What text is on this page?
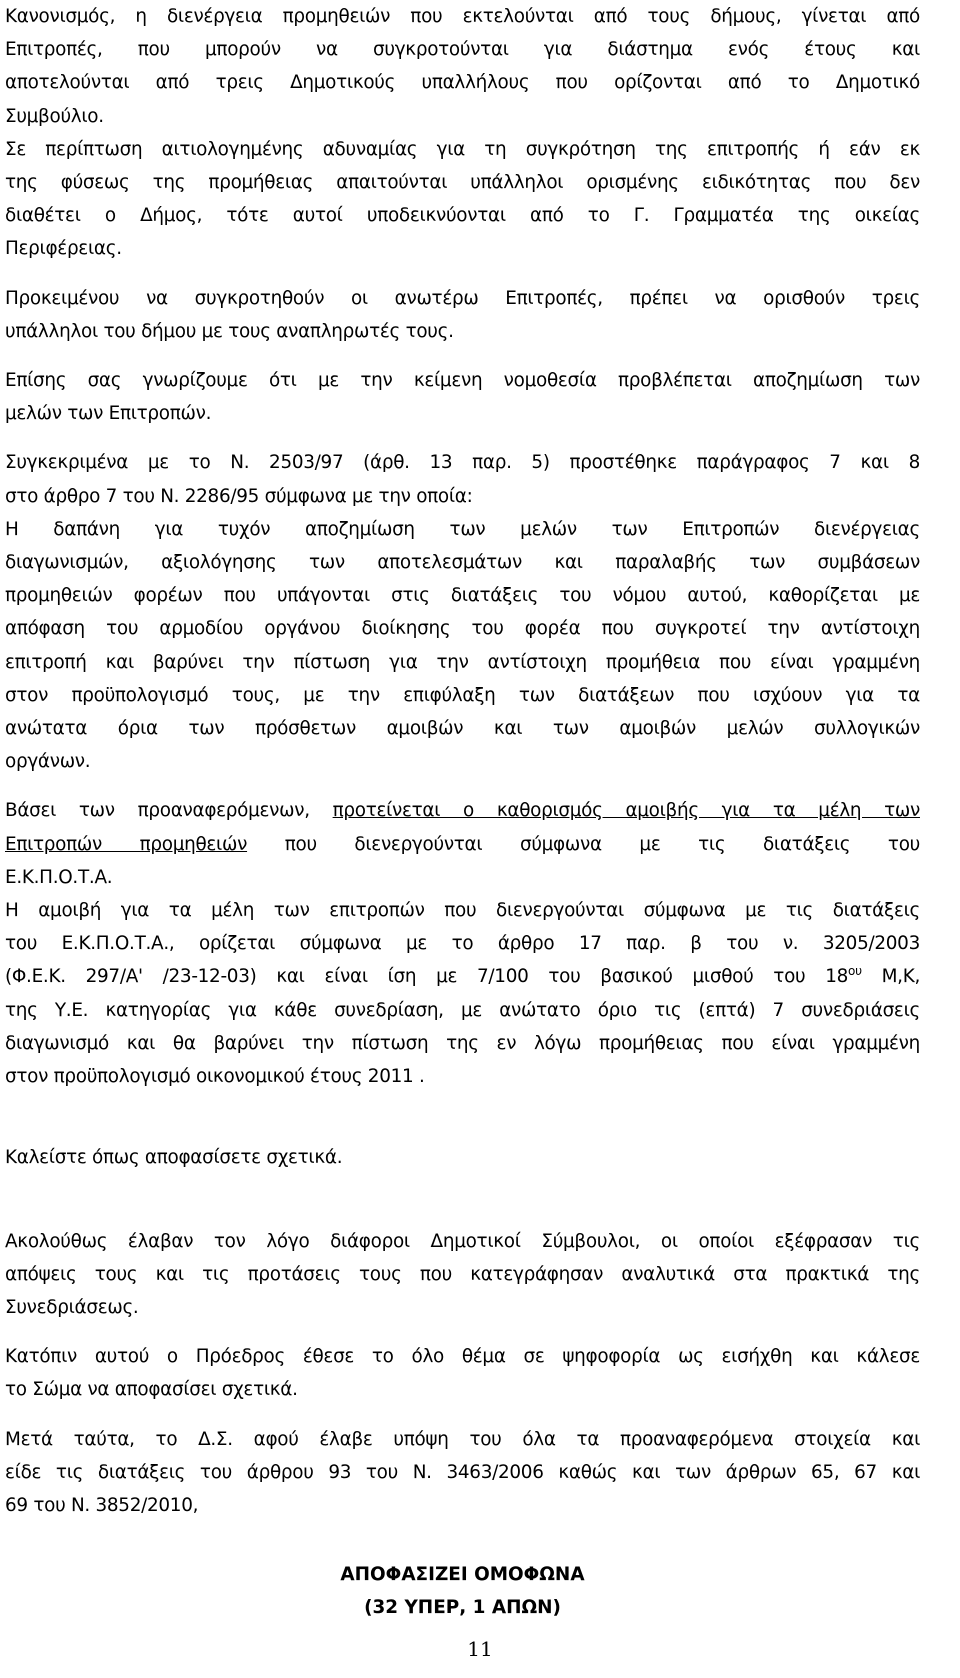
Κανονισμός, η διενέργεια προμηθειών που εκτελούνται από τους δήμους, γίνεται από
Επιτροπές, που μπορούν να συγκροτούνται για διάστημα ενός έτους και
αποτελούνται από τρεις Δημοτικούς υπαλλήλους που ορίζονται από το Δημοτικό
Συμβούλιο.

Σε περίπτωση αιτιολογημένης αδυναμίας για τη συγκρότηση της επιτροπής ή εάν εκ
της φύσεως της προμήθειας απαιτούνται υπάλληλοι ορισμένης ειδικότητας που δεν
διαθέτει ο Δήμος, τότε αυτοί υποδεικνύονται από το Γ. Γραμματέα της οικείας
Περιφέρειας.

Προκειμένου να συγκροτηθούν οι ανωτέρω Επιτροπές, πρέπει να ορισθούν τρεις
υπάλληλοι του δήμου με τους αναπληρωτές τους.

Επίσης σας γνωρίζουμε ότι με την κείμενη νομοθεσία προβλέπεται αποζημίωση των
μελών των Επιτροπών.

Συγκεκριμένα με το Ν. 2503/97 (άρθ. 13 παρ. 5) προστέθηκε παράγραφος 7 και 8
στο άρθρο 7 του Ν. 2286/95 σύμφωνα με την οποία:
Η δαπάνη για τυχόν αποζημίωση των μελών των Επιτροπών διενέργειας
διαγωνισμών, αξιολόγησης των αποτελεσμάτων και παραλαβής των συμβάσεων
προμηθειών φορέων που υπάγονται στις διατάξεις του νόμου αυτού, καθορίζεται με
απόφαση του αρμοδίου οργάνου διοίκησης του φορέα που συγκροτεί την αντίστοιχη
επιτροπή και βαρύνει την πίστωση για την αντίστοιχη προμήθεια που είναι γραμμένη
στον προϋπολογισμό τους, με την επιφύλαξη των διατάξεων που ισχύουν για τα
ανώτατα όρια των πρόσθετων αμοιβών και των αμοιβών μελών συλλογικών
οργάνων.

Βάσει των προαναφερόμενων, προτείνεται ο καθορισμός αμοιβής για τα μέλη των
Επιτροπών προμηθειών που διενεργούνται σύμφωνα με τις διατάξεις του
Ε.Κ.Π.Ο.Τ.Α.
Η αμοιβή για τα μέλη των επιτροπών που διενεργούνται σύμφωνα με τις διατάξεις
του Ε.Κ.Π.Ο.Τ.Α., ορίζεται σύμφωνα με το άρθρο 17 παρ. β του ν. 3205/2003
(Φ.Ε.Κ. 297/Α' /23-12-03) και είναι ίση με 7/100 του βασικού μισθού του $18^{o\upsilon}$ Μ,Κ,
της Υ.Ε. κατηγορίας για κάθε συνεδρίαση, με ανώτατο όριο τις (επτά) 7 συνεδριάσεις
διαγωνισμό και θα βαρύνει την πίστωση της εν λόγω προμήθειας που είναι γραμμένη
στον προϋπολογισμό οικονομικού έτους 2011 .

Καλείστε όπως αποφασίσετε σχετικά.

Ακολούθως έλαβαν τον λόγο διάφοροι Δημοτικοί Σύμβουλοι, οι οποίοι εξέφρασαν τις
απόψεις τους και τις προτάσεις τους που κατεγράφησαν αναλυτικά στα πρακτικά της
Συνεδριάσεως.

Κατόπιν αυτού ο Πρόεδρος έθεσε το όλο θέμα σε ψηφοφορία ως εισήχθη και κάλεσε
το Σώμα να αποφασίσει σχετικά.

Μετά ταύτα, το Δ.Σ. αφού έλαβε υπόψη του όλα τα προαναφερόμενα στοιχεία και
είδε τις διατάξεις του άρθρου 93 του Ν. 3463/2006 καθώς και των άρθρων 65, 67 και
69 του Ν. 3852/2010,

ΑΠΟΦΑΣΙΖΕΙ ΟΜΟΦΩΝΑ
(32 ΥΠΕΡ, 1 ΑΠΩΝ)

11
